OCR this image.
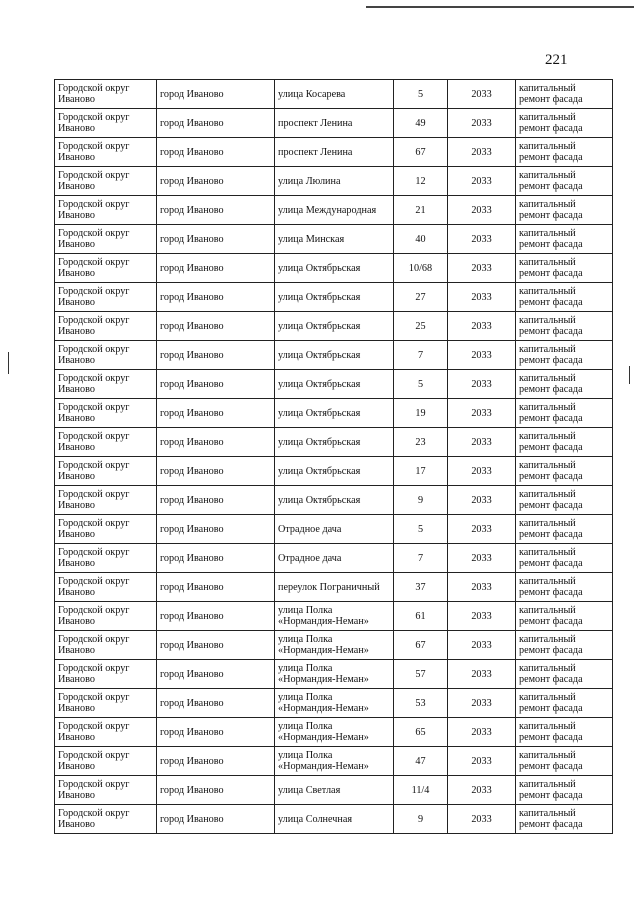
221
Городской округ Иваново	город Иваново	улица Косарева	5	2033	капитальный ремонт фасада
Городской округ Иваново	город Иваново	проспект Ленина	49	2033	капитальный ремонт фасада
Городской округ Иваново	город Иваново	проспект Ленина	67	2033	капитальный ремонт фасада
Городской округ Иваново	город Иваново	улица Люлина	12	2033	капитальный ремонт фасада
Городской округ Иваново	город Иваново	улица Международная	21	2033	капитальный ремонт фасада
Городской округ Иваново	город Иваново	улица Минская	40	2033	капитальный ремонт фасада
Городской округ Иваново	город Иваново	улица Октябрьская	10/68	2033	капитальный ремонт фасада
Городской округ Иваново	город Иваново	улица Октябрьская	27	2033	капитальный ремонт фасада
Городской округ Иваново	город Иваново	улица Октябрьская	25	2033	капитальный ремонт фасада
Городской округ Иваново	город Иваново	улица Октябрьская	7	2033	капитальный ремонт фасада
Городской округ Иваново	город Иваново	улица Октябрьская	5	2033	капитальный ремонт фасада
Городской округ Иваново	город Иваново	улица Октябрьская	19	2033	капитальный ремонт фасада
Городской округ Иваново	город Иваново	улица Октябрьская	23	2033	капитальный ремонт фасада
Городской округ Иваново	город Иваново	улица Октябрьская	17	2033	капитальный ремонт фасада
Городской округ Иваново	город Иваново	улица Октябрьская	9	2033	капитальный ремонт фасада
Городской округ Иваново	город Иваново	Отрадное дача	5	2033	капитальный ремонт фасада
Городской округ Иваново	город Иваново	Отрадное дача	7	2033	капитальный ремонт фасада
Городской округ Иваново	город Иваново	переулок Пограничный	37	2033	капитальный ремонт фасада
Городской округ Иваново	город Иваново	улица Полка «Нормандия-Неман»	61	2033	капитальный ремонт фасада
Городской округ Иваново	город Иваново	улица Полка «Нормандия-Неман»	67	2033	капитальный ремонт фасада
Городской округ Иваново	город Иваново	улица Полка «Нормандия-Неман»	57	2033	капитальный ремонт фасада
Городской округ Иваново	город Иваново	улица Полка «Нормандия-Неман»	53	2033	капитальный ремонт фасада
Городской округ Иваново	город Иваново	улица Полка «Нормандия-Неман»	65	2033	капитальный ремонт фасада
Городской округ Иваново	город Иваново	улица Полка «Нормандия-Неман»	47	2033	капитальный ремонт фасада
Городской округ Иваново	город Иваново	улица Светлая	11/4	2033	капитальный ремонт фасада
Городской округ Иваново	город Иваново	улица Солнечная	9	2033	капитальный ремонт фасада
